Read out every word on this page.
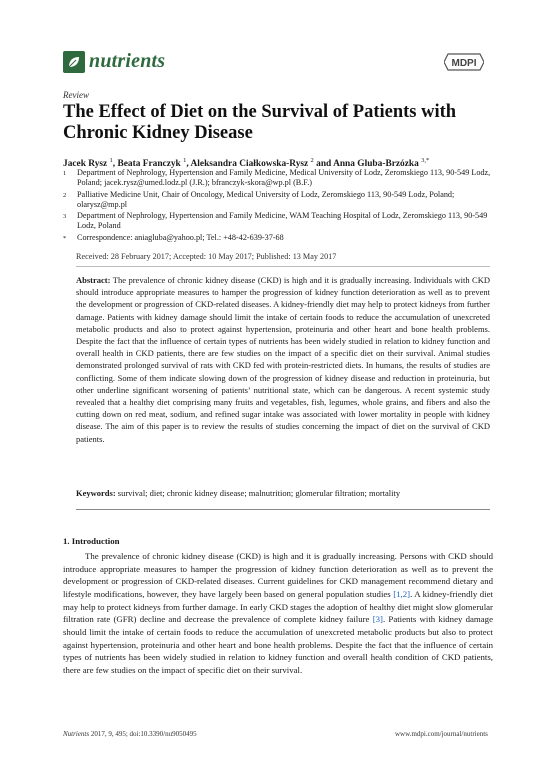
nutrients	MDPI
Review
The Effect of Diet on the Survival of Patients with Chronic Kidney Disease
Jacek Rysz $^1$, Beata Franczyk $^1$, Aleksandra Ciałkowska-Rysz $^2$ and Anna Gluba-Brzózka $^{3,*}$
1	Department of Nephrology, Hypertension and Family Medicine, Medical University of Lodz, Zeromskiego 113, 90-549 Lodz, Poland; jacek.rysz@umed.lodz.pl (J.R.); bfranczyk-skora@wp.pl (B.F.)
2	Palliative Medicine Unit, Chair of Oncology, Medical University of Lodz, Zeromskiego 113, 90-549 Lodz, Poland; olarysz@mp.pl
3	Department of Nephrology, Hypertension and Family Medicine, WAM Teaching Hospital of Lodz, Zeromskiego 113, 90-549 Lodz, Poland
*	Correspondence: aniagluba@yahoo.pl; Tel.: +48-42-639-37-68
Received: 28 February 2017; Accepted: 10 May 2017; Published: 13 May 2017

Abstract: The prevalence of chronic kidney disease (CKD) is high and it is gradually increasing. Individuals with CKD should introduce appropriate measures to hamper the progression of kidney function deterioration as well as to prevent the development or progression of CKD-related diseases. A kidney-friendly diet may help to protect kidneys from further damage. Patients with kidney damage should limit the intake of certain foods to reduce the accumulation of unexcreted metabolic products and also to protect against hypertension, proteinuria and other heart and bone health problems. Despite the fact that the influence of certain types of nutrients has been widely studied in relation to kidney function and overall health in CKD patients, there are few studies on the impact of a specific diet on their survival. Animal studies demonstrated prolonged survival of rats with CKD fed with protein-restricted diets. In humans, the results of studies are conflicting. Some of them indicate slowing down of the progression of kidney disease and reduction in proteinuria, but other underline significant worsening of patients’ nutritional state, which can be dangerous. A recent systemic study revealed that a healthy diet comprising many fruits and vegetables, fish, legumes, whole grains, and fibers and also the cutting down on red meat, sodium, and refined sugar intake was associated with lower mortality in people with kidney disease. The aim of this paper is to review the results of studies concerning the impact of diet on the survival of CKD patients.

Keywords: survival; diet; chronic kidney disease; malnutrition; glomerular filtration; mortality
1. Introduction

The prevalence of chronic kidney disease (CKD) is high and it is gradually increasing. Persons with CKD should introduce appropriate measures to hamper the progression of kidney function deterioration as well as to prevent the development or progression of CKD-related diseases. Current guidelines for CKD management recommend dietary and lifestyle modifications, however, they have largely been based on general population studies [1,2]. A kidney-friendly diet may help to protect kidneys from further damage. In early CKD stages the adoption of healthy diet might slow glomerular filtration rate (GFR) decline and decrease the prevalence of complete kidney failure [3]. Patients with kidney damage should limit the intake of certain foods to reduce the accumulation of unexcreted metabolic products but also to protect against hypertension, proteinuria and other heart and bone health problems. Despite the fact that the influence of certain types of nutrients has been widely studied in relation to kidney function and overall health condition of CKD patients, there are few studies on the impact of specific diet on their survival.

Nutrients 2017, 9, 495; doi:10.3390/nu9050495	www.mdpi.com/journal/nutrients
